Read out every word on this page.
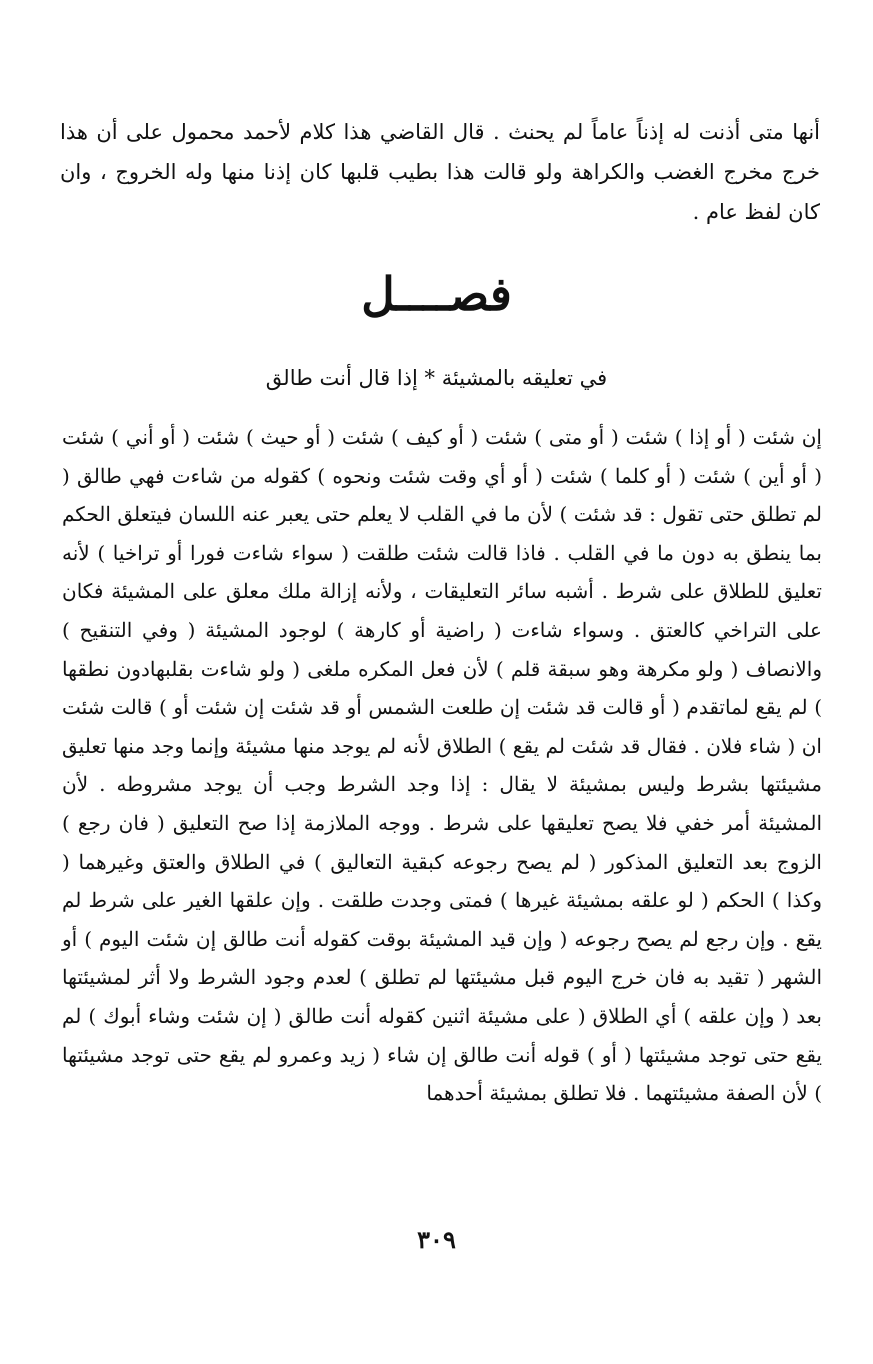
أنها متى أذنت له إذناً عاماً لم يحنث . قال القاضي هذا كلام لأحمد محمول على أن هذا خرج مخرج الغضب والكراهة ولو قالت هذا بطيب قلبها كان إذنا منها وله الخروج ، وان كان لفظ عام .

فصــــل
في تعليقه بالمشيئة * إذا قال أنت طالق

إن شئت ( أو إذا ) شئت ( أو متى ) شئت ( أو كيف ) شئت ( أو حيث ) شئت ( أو أني ) شئت ( أو أين ) شئت ( أو كلما ) شئت ( أو أي وقت شئت ونحوه ) كقوله من شاءت فهي طالق ( لم تطلق حتى تقول : قد شئت ) لأن ما في القلب لا يعلم حتى يعبر عنه اللسان فيتعلق الحكم بما ينطق به دون ما في القلب . فاذا قالت شئت طلقت ( سواء شاءت فورا أو تراخيا ) لأنه تعليق للطلاق على شرط . أشبه سائر التعليقات ، ولأنه إزالة ملك معلق على المشيئة فكان على التراخي كالعتق . وسواء شاءت ( راضية أو كارهة ) لوجود المشيئة ( وفي التنقيح ) والانصاف ( ولو مكرهة وهو سبقة قلم ) لأن فعل المكره ملغى ( ولو شاءت بقلبهادون نطقها ) لم يقع لماتقدم ( أو قالت قد شئت إن طلعت الشمس أو قد شئت إن شئت أو ) قالت شئت ان ( شاء فلان . فقال قد شئت لم يقع ) الطلاق لأنه لم يوجد منها مشيئة وإنما وجد منها تعليق مشيئتها بشرط وليس بمشيئة لا يقال : إذا وجد الشرط وجب أن يوجد مشروطه . لأن المشيئة أمر خفي فلا يصح تعليقها على شرط . ووجه الملازمة إذا صح التعليق ( فان رجع ) الزوج بعد التعليق المذكور ( لم يصح رجوعه كبقية التعاليق ) في الطلاق والعتق وغيرهما ( وكذا ) الحكم ( لو علقه بمشيئة غيرها ) فمتى وجدت طلقت . وإن علقها الغير على شرط لم يقع . وإن رجع لم يصح رجوعه ( وإن قيد المشيئة بوقت كقوله أنت طالق إن شئت اليوم ) أو الشهر ( تقيد به فان خرج اليوم قبل مشيئتها لم تطلق ) لعدم وجود الشرط ولا أثر لمشيئتها بعد ( وإن علقه ) أي الطلاق ( على مشيئة اثنين كقوله أنت طالق ( إن شئت وشاء أبوك ) لم يقع حتى توجد مشيئتها ( أو ) قوله أنت طالق إن شاء ( زيد وعمرو لم يقع حتى توجد مشيئتها ) لأن الصفة مشيئتهما . فلا تطلق بمشيئة أحدهما

٣٠٩
